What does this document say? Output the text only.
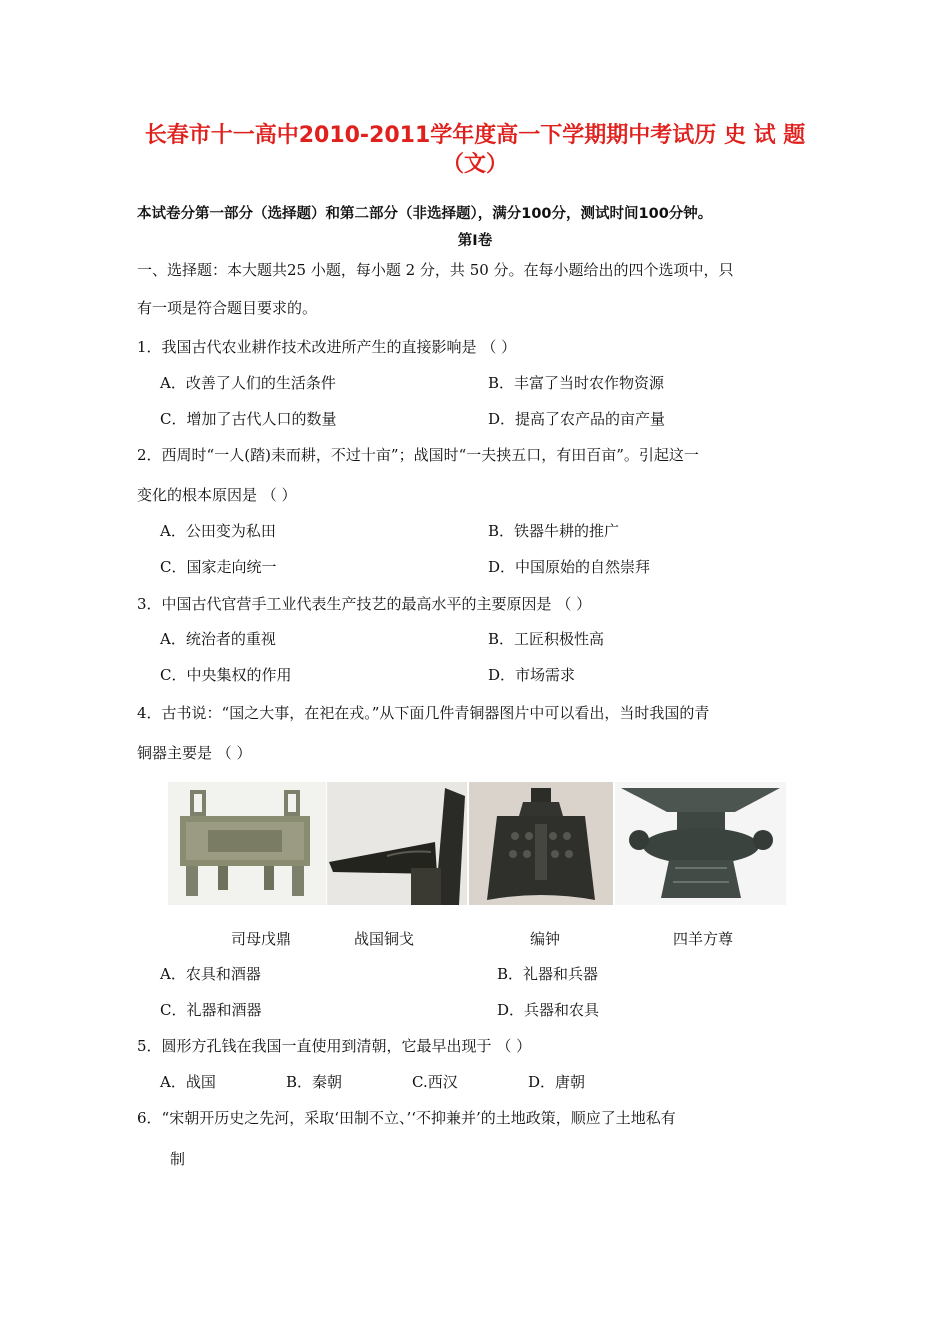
长春市十一高中2010-2011学年度高一下学期期中考试历 史 试 题
（文）
本试卷分第一部分（选择题）和第二部分（非选择题），满分100分，测试时间100分钟。
第Ⅰ卷
一、选择题：本大题共25 小题，每小题 2 分，共 50 分。在每小题给出的四个选项中，只
有一项是符合题目要求的。
1．我国古代农业耕作技术改进所产生的直接影响是 （ ）
A．改善了人们的生活条件	B．丰富了当时农作物资源
C．增加了古代人口的数量	D．提高了农产品的亩产量
2．西周时“一人(踏)耒而耕，不过十亩”；战国时“一夫挟五口，有田百亩”。引起这一
变化的根本原因是 （ ）
A．公田变为私田	B．铁器牛耕的推广
C．国家走向统一	D．中国原始的自然崇拜
3．中国古代官营手工业代表生产技艺的最高水平的主要原因是 （ ）
A．统治者的重视	B．工匠积极性高
C．中央集权的作用	D．市场需求
4．古书说：“国之大事，在祀在戎。”从下面几件青铜器图片中可以看出，当时我国的青
铜器主要是 （ ）
司母戊鼎	战国铜戈	编钟	四羊方尊
A．农具和酒器	B．礼器和兵器
C．礼器和酒器	D．兵器和农具
5．圆形方孔钱在我国一直使用到清朝，它最早出现于 （ ）
A．战国	B．秦朝	C.西汉	D．唐朝
6．“宋朝开历史之先河，采取‘田制不立、’‘不抑兼并’的土地政策，顺应了土地私有
制
